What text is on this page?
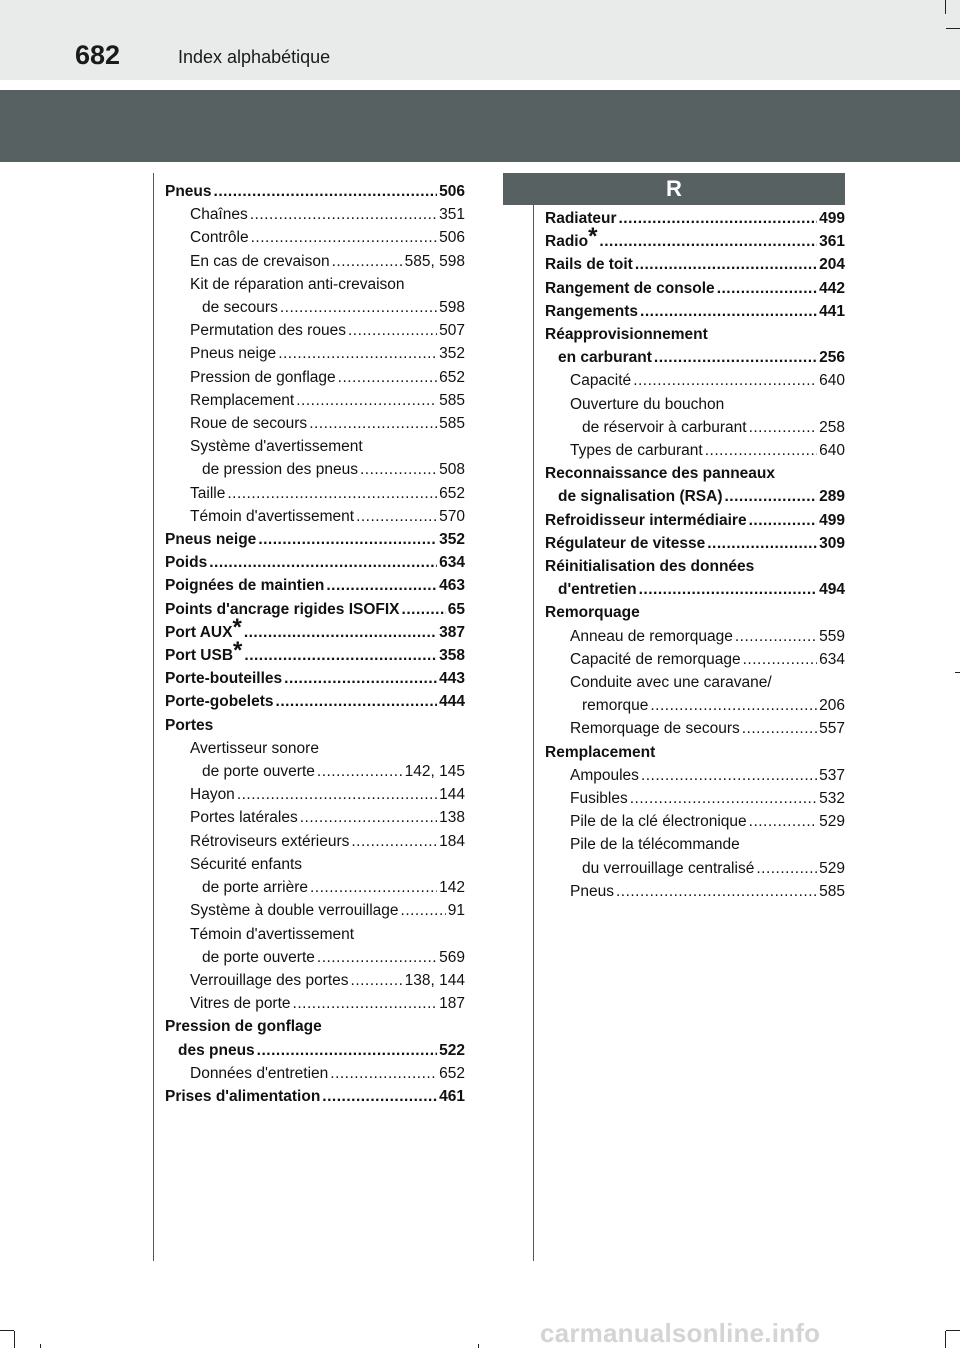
682	Index alphabétique
R
Pneus .....	506
Chaînes .....	351
Contrôle .....	506
En cas de crevaison .....	585, 598
Kit de réparation anti-crevaison
de secours .....	598
Permutation des roues .....	507
Pneus neige .....	352
Pression de gonflage .....	652
Remplacement .....	585
Roue de secours .....	585
Système d'avertissement
de pression des pneus .....	508
Taille .....	652
Témoin d'avertissement .....	570
Pneus neige .....	352
Poids .....	634
Poignées de maintien .....	463
Points d'ancrage rigides ISOFIX .....	65
Port AUX * .....	387
Port USB * .....	358
Porte-bouteilles .....	443
Porte-gobelets .....	444
Portes
Avertisseur sonore
de porte ouverte .....	142, 145
Hayon .....	144
Portes latérales .....	138
Rétroviseurs extérieurs .....	184
Sécurité enfants
de porte arrière .....	142
Système à double verrouillage .....	91
Témoin d'avertissement
de porte ouverte .....	569
Verrouillage des portes .....	138, 144
Vitres de porte .....	187
Pression de gonflage
des pneus .....	522
Données d'entretien .....	652
Prises d'alimentation .....	461
Radiateur .....	499
Radio * .....	361
Rails de toit .....	204
Rangement de console .....	442
Rangements .....	441
Réapprovisionnement
en carburant .....	256
Capacité .....	640
Ouverture du bouchon
de réservoir à carburant .....	258
Types de carburant .....	640
Reconnaissance des panneaux
de signalisation (RSA) .....	289
Refroidisseur intermédiaire .....	499
Régulateur de vitesse .....	309
Réinitialisation des données
d'entretien .....	494
Remorquage
Anneau de remorquage .....	559
Capacité de remorquage .....	634
Conduite avec une caravane/
remorque .....	206
Remorquage de secours .....	557
Remplacement
Ampoules .....	537
Fusibles .....	532
Pile de la clé électronique .....	529
Pile de la télécommande
du verrouillage centralisé .....	529
Pneus .....	585
carmanualsonline.info
